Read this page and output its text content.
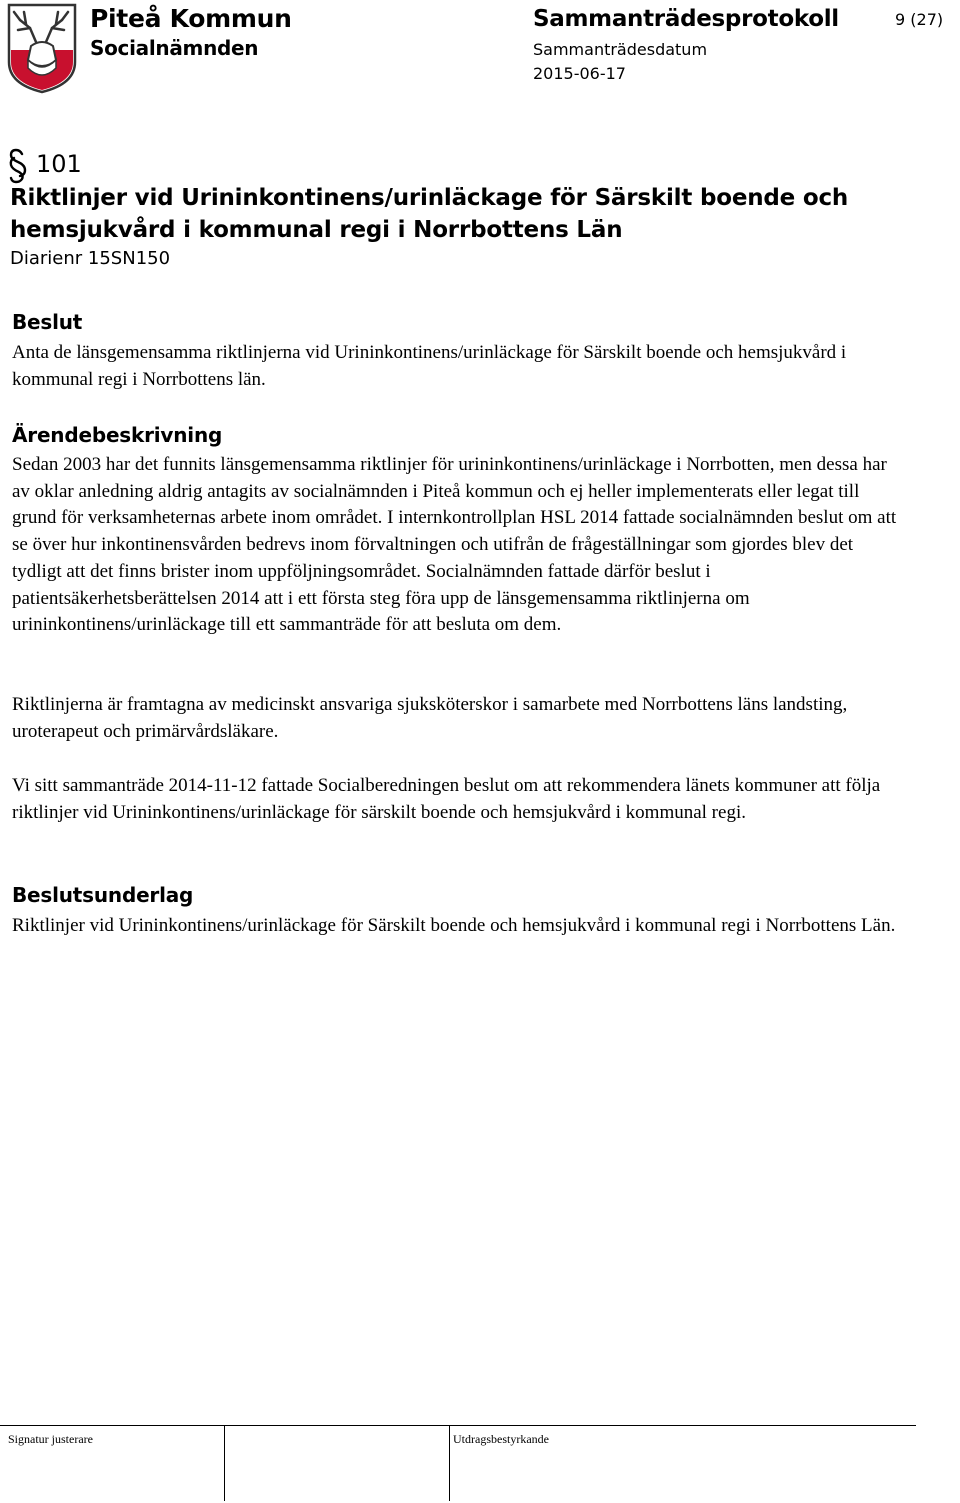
Piteå Kommun
Socialnämnden
Sammanträdesprotokoll
Sammanträdesdatum
2015-06-17
9 (27)
101
Riktlinjer vid Urininkontinens/urinläckage för Särskilt boende och hemsjukvård i kommunal regi i Norrbottens Län
Diarienr 15SN150
Beslut
Anta de länsgemensamma riktlinjerna vid Urininkontinens/urinläckage för Särskilt boende och hemsjukvård i kommunal regi i Norrbottens län.
Ärendebeskrivning
Sedan 2003 har det funnits länsgemensamma riktlinjer för urininkontinens/urinläckage i Norrbotten, men dessa har av oklar anledning aldrig antagits av socialnämnden i Piteå kommun och ej heller implementerats eller legat till grund för verksamheternas arbete inom området. I internkontrollplan HSL 2014 fattade socialnämnden beslut om att se över hur inkontinensvården bedrevs inom förvaltningen och utifrån de frågeställningar som gjordes blev det tydligt att det finns brister inom uppföljningsområdet. Socialnämnden fattade därför beslut i patientsäkerhetsberättelsen 2014 att i ett första steg föra upp de länsgemensamma riktlinjerna om urininkontinens/urinläckage till ett sammanträde för att besluta om dem.
Riktlinjerna är framtagna av medicinskt ansvariga sjuksköterskor i samarbete med Norrbottens läns landsting, uroterapeut och primärvårdsläkare.
Vi sitt sammanträde 2014-11-12 fattade Socialberedningen beslut om att rekommendera länets kommuner att följa riktlinjer vid Urininkontinens/urinläckage för särskilt boende och hemsjukvård i kommunal regi.
Beslutsunderlag
Riktlinjer vid Urininkontinens/urinläckage för Särskilt boende och hemsjukvård i kommunal regi i Norrbottens Län.
Signatur justerare	Utdragsbestyrkande
